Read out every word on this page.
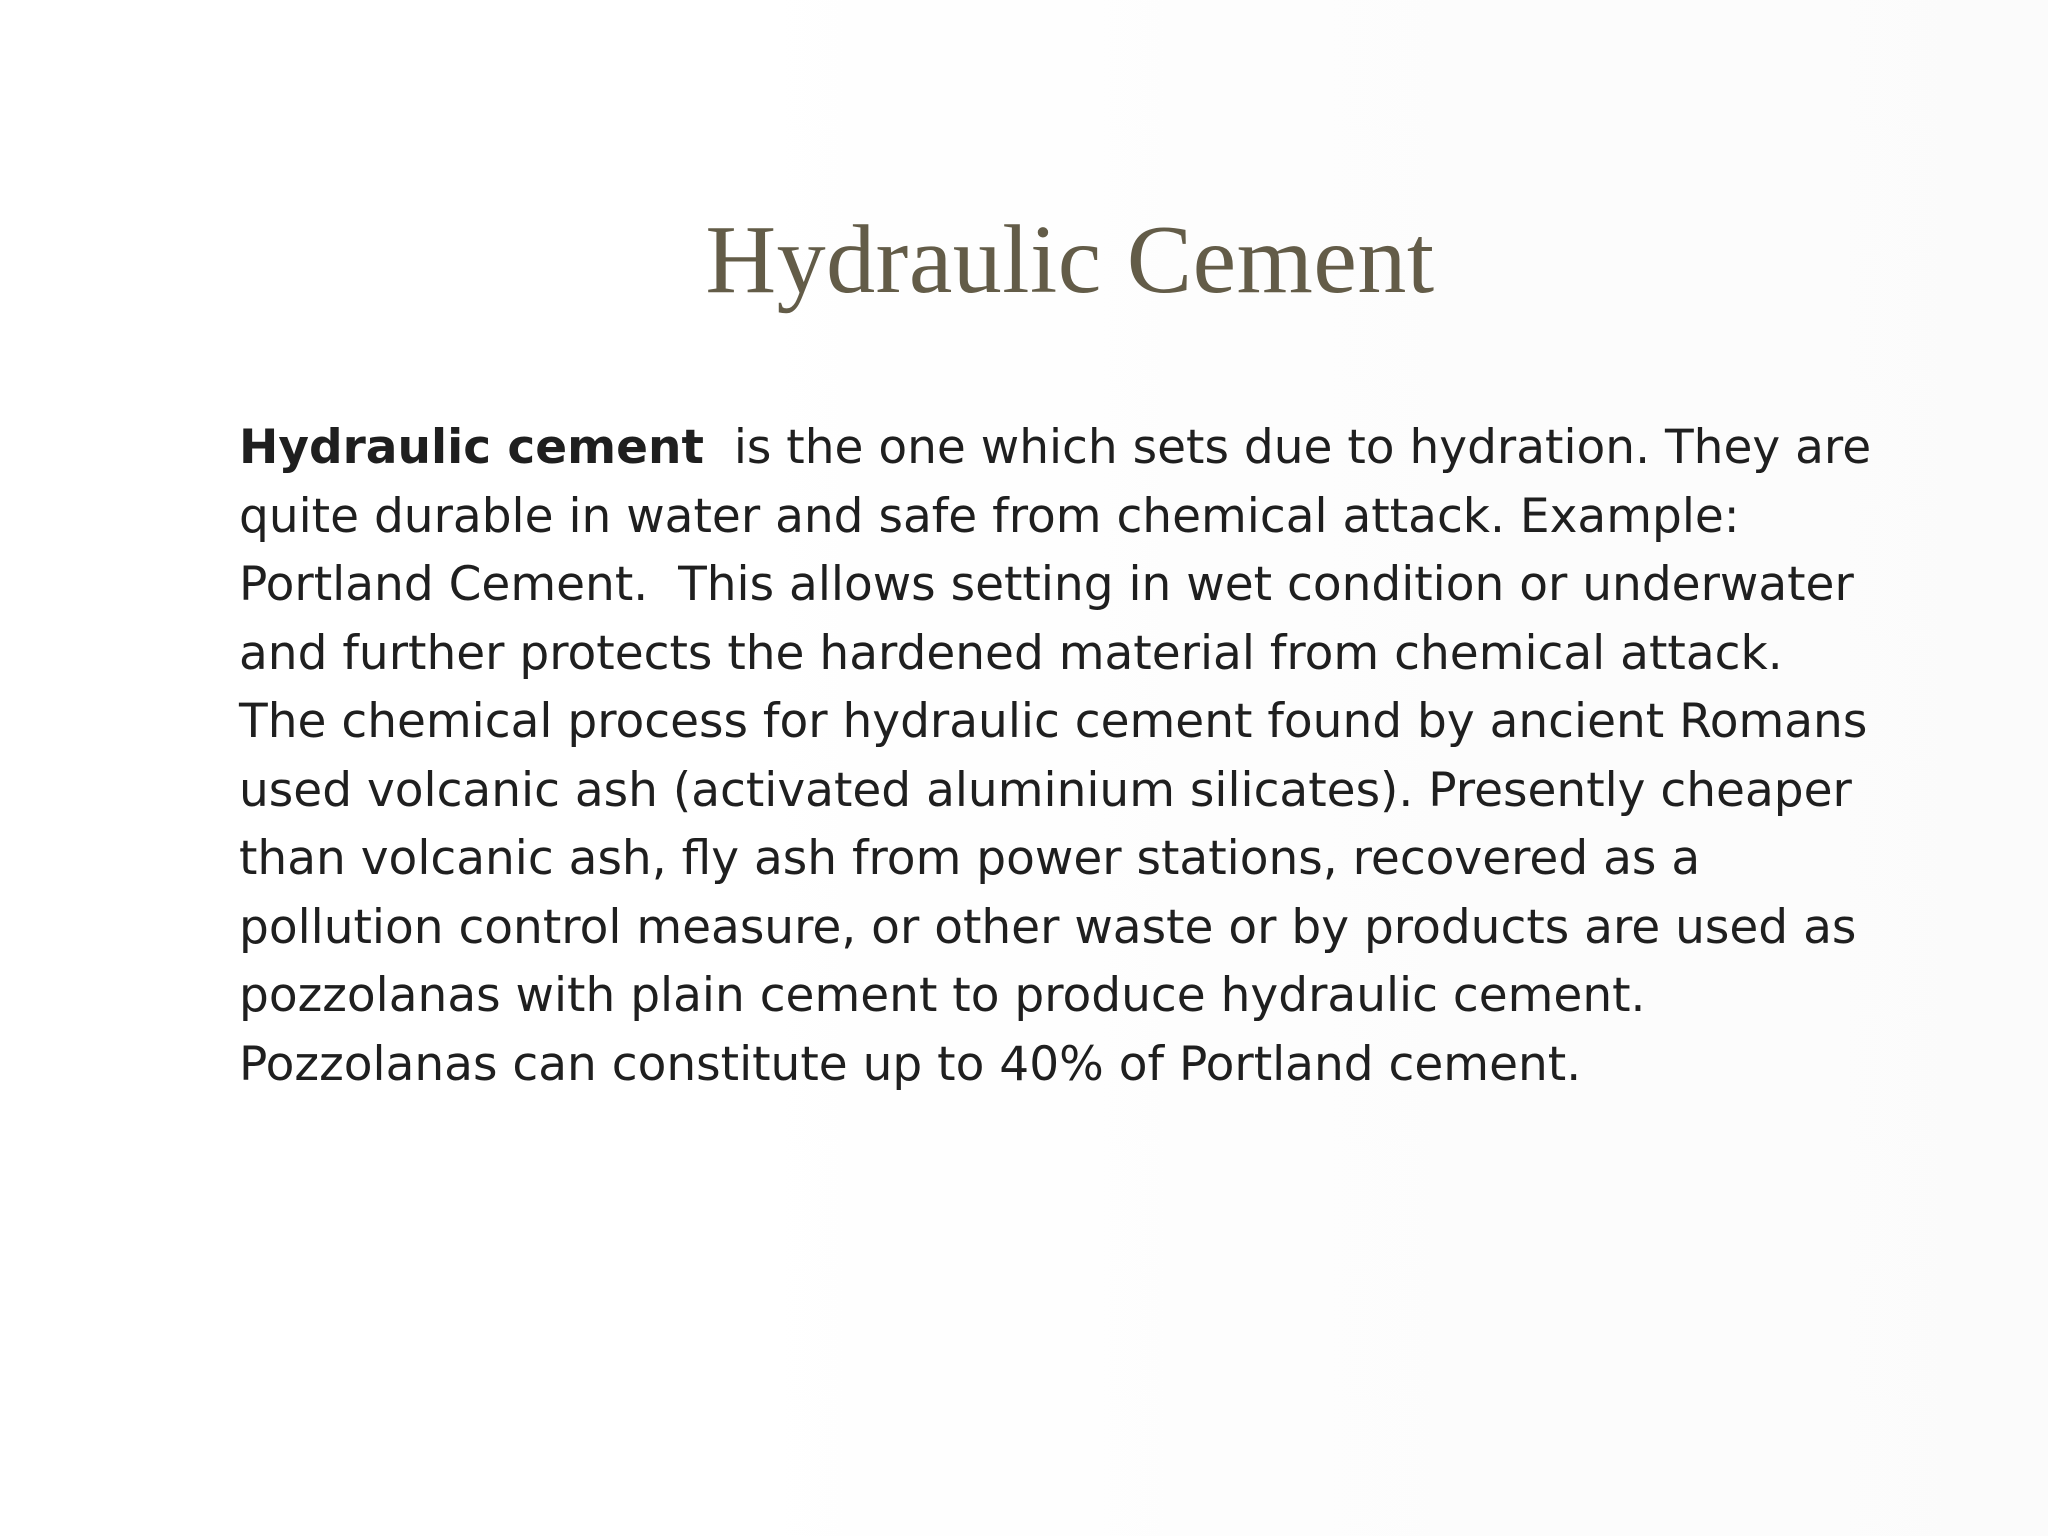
Hydraulic Cement
Hydraulic cement  is the one which sets due to hydration. They are
quite durable in water and safe from chemical attack. Example:
Portland Cement.  This allows setting in wet condition or underwater
and further protects the hardened material from chemical attack.
The chemical process for hydraulic cement found by ancient Romans
used volcanic ash (activated aluminium silicates). Presently cheaper
than volcanic ash, fly ash from power stations, recovered as a
pollution control measure, or other waste or by products are used as
pozzolanas with plain cement to produce hydraulic cement.
Pozzolanas can constitute up to 40% of Portland cement.
